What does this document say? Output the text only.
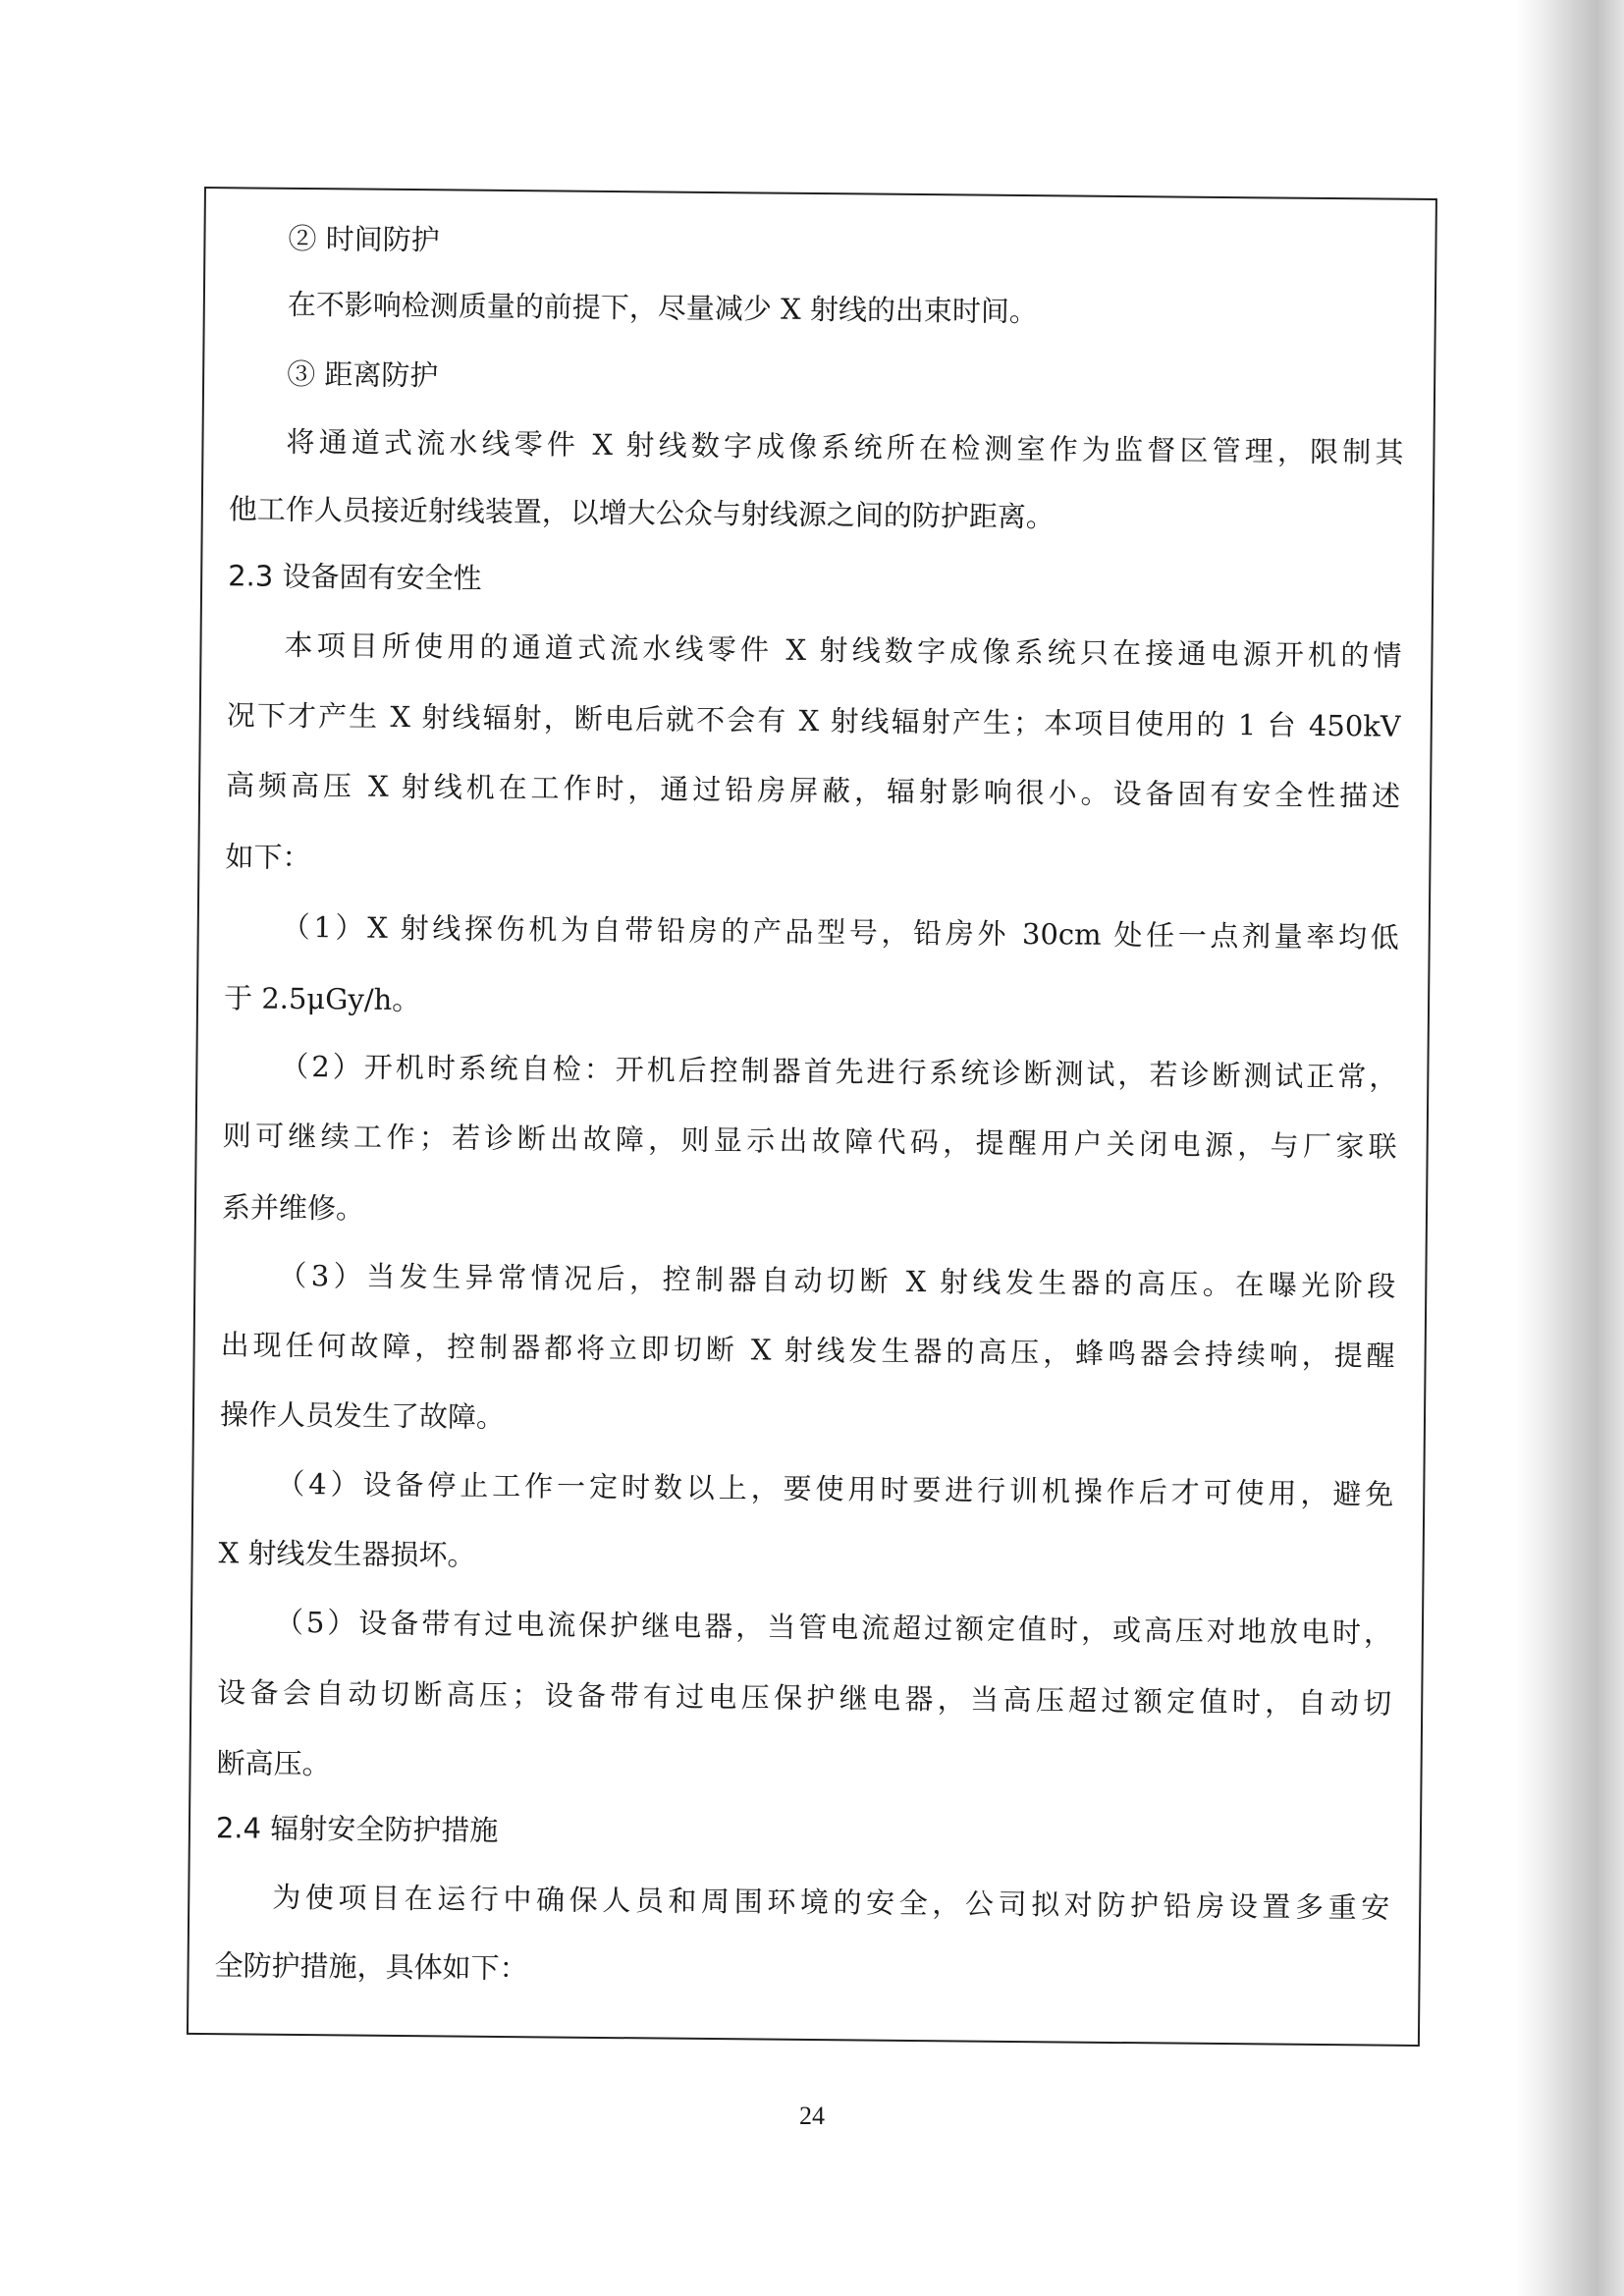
② 时间防护
在不影响检测质量的前提下，尽量减少 X 射线的出束时间。
③ 距离防护
将通道式流水线零件 X 射线数字成像系统所在检测室作为监督区管理，限制其
他工作人员接近射线装置，以增大公众与射线源之间的防护距离。
2.3 设备固有安全性
本项目所使用的通道式流水线零件 X 射线数字成像系统只在接通电源开机的情
况下才产生 X 射线辐射，断电后就不会有 X 射线辐射产生；本项目使用的 1 台 450kV
高频高压 X 射线机在工作时，通过铅房屏蔽，辐射影响很小。设备固有安全性描述
如下：
（1）X 射线探伤机为自带铅房的产品型号，铅房外 30cm 处任一点剂量率均低
于 2.5μGy/h。
（2）开机时系统自检：开机后控制器首先进行系统诊断测试，若诊断测试正常，
则可继续工作；若诊断出故障，则显示出故障代码，提醒用户关闭电源，与厂家联
系并维修。
（3）当发生异常情况后，控制器自动切断 X 射线发生器的高压。在曝光阶段
出现任何故障，控制器都将立即切断 X 射线发生器的高压，蜂鸣器会持续响，提醒
操作人员发生了故障。
（4）设备停止工作一定时数以上，要使用时要进行训机操作后才可使用，避免
X 射线发生器损坏。
（5）设备带有过电流保护继电器，当管电流超过额定值时，或高压对地放电时，
设备会自动切断高压；设备带有过电压保护继电器，当高压超过额定值时，自动切
断高压。
2.4 辐射安全防护措施
为使项目在运行中确保人员和周围环境的安全，公司拟对防护铅房设置多重安
全防护措施，具体如下：
24
